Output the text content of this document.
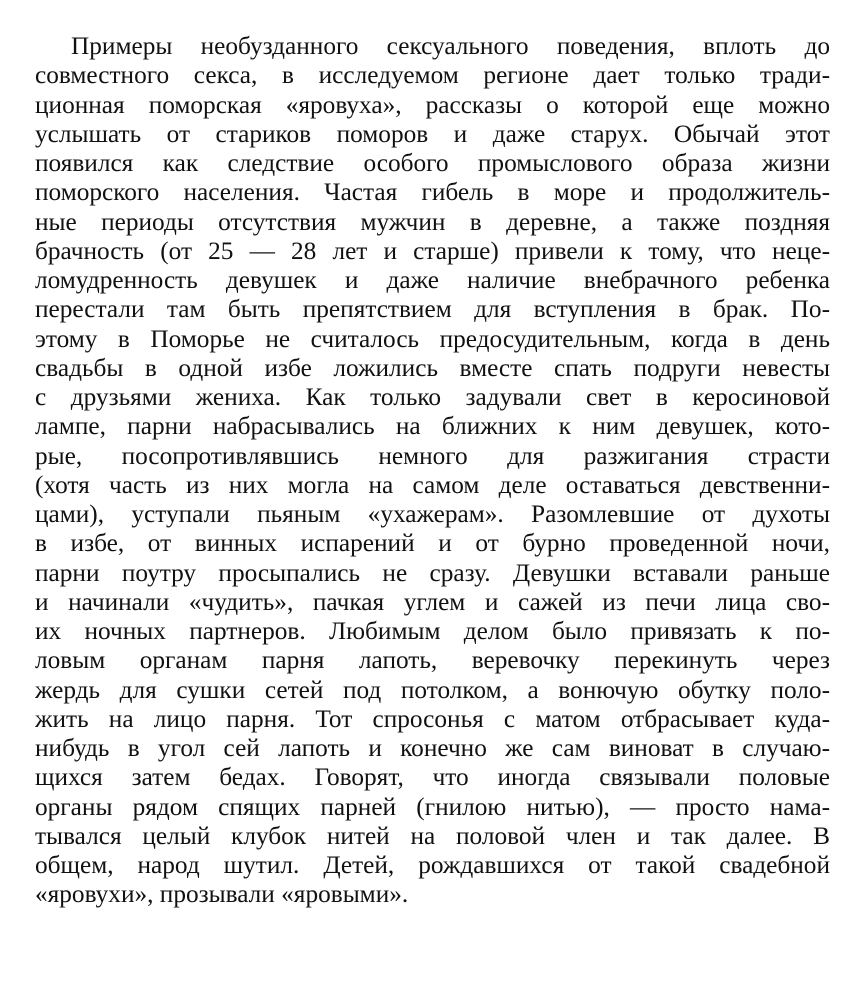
Примеры необузданного сексуального поведения, вплоть до
совместного секса, в исследуемом регионе дает только тради-
ционная поморская «яровуха», рассказы о которой еще можно
услышать от стариков поморов и даже старух. Обычай этот
появился как следствие особого промыслового образа жизни
поморского населения. Частая гибель в море и продолжитель-
ные периоды отсутствия мужчин в деревне, а также поздняя
брачность (от 25 — 28 лет и старше) привели к тому, что неце-
ломудренность девушек и даже наличие внебрачного ребенка
перестали там быть препятствием для вступления в брак. По-
этому в Поморье не считалось предосудительным, когда в день
свадьбы в одной избе ложились вместе спать подруги невесты
с друзьями жениха. Как только задували свет в керосиновой
лампе, парни набрасывались на ближних к ним девушек, кото-
рые, посопротивлявшись немного для разжигания страсти
(хотя часть из них могла на самом деле оставаться девственни-
цами), уступали пьяным «ухажерам». Разомлевшие от духоты
в избе, от винных испарений и от бурно проведенной ночи,
парни поутру просыпались не сразу. Девушки вставали раньше
и начинали «чудить», пачкая углем и сажей из печи лица сво-
их ночных партнеров. Любимым делом было привязать к по-
ловым органам парня лапоть, веревочку перекинуть через
жердь для сушки сетей под потолком, а вонючую обутку поло-
жить на лицо парня. Тот спросонья с матом отбрасывает куда-
нибудь в угол сей лапоть и конечно же сам виноват в случаю-
щихся затем бедах. Говорят, что иногда связывали половые
органы рядом спящих парней (гнилою нитью), — просто нама-
тывался целый клубок нитей на половой член и так далее. В
общем, народ шутил. Детей, рождавшихся от такой свадебной
«яровухи», прозывали «яровыми».
